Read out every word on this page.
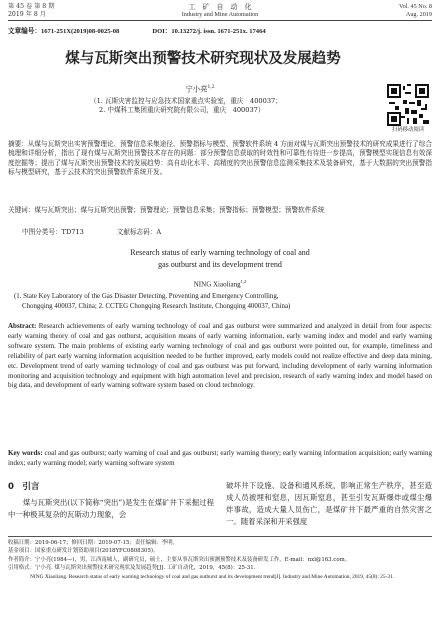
第 45 卷 第 8 期
2019 年 8 月
工　矿　自　动　化
Industry and Mine Automation
Vol. 45 No. 8
Aug. 2019
文章编号：1671-251X(2019)08-0025-08　　　　　DOI：10.13272/j. issn. 1671-251x. 17464
煤与瓦斯突出预警技术研究现状及发展趋势
宁小亮$^{1,2}$
（1. 瓦斯灾害监控与应急技术国家重点实验室，重庆　400037；
2. 中煤科工集团重庆研究院有限公司，重庆　400037）
扫码移动阅读
摘要：从煤与瓦斯突出实害预警理论、预警信息采集途径、预警指标与模型、预警软件系统 4 方面对煤与瓦斯突出预警技术的研究成果进行了综合梳理和详细分析，指出了现有煤与瓦斯突出预警技术存在的问题：部分预警信息获取的时效性和可靠性有待进一步提高，预警模型实现信息有效深度挖掘等；提出了煤与瓦斯突出预警技术的发展趋势：高自动化水平、高精度的突出预警信息监测采集技术及装备研究，基于大数据的突出预警指标与模型研究，基于云技术的突出预警软件系统开发。
关键词：煤与瓦斯突出；煤与瓦斯突出预警；预警理论；预警信息采集；预警指标；预警模型；预警软件系统
中图分类号：TD713　　　　　文献标志码：A
Research status of early warning technology of coal and
gas outburst and its development trend
NING Xiaoliang$^{1,2}$
(1. State Key Laboratory of the Gas Disaster Detecting, Preventing and Emergency Controlling,
Chongqing 400037, China; 2. CCTEG Chongqing Research Institute, Chongqing 400037, China)
Abstract: Research achievements of early warning technology of coal and gas outburst were summarized and analyzed in detail from four aspects: early warning theory of coal and gas outburst, acquisition means of early warning information, early warning index and model and early warning software system. The main problems of existing early warning technology of coal and gas outburst were pointed out, for example, timeliness and reliability of part early warning information acquisition needed to be further improved, early models could not realize effective and deep data mining, etc. Development trend of early warning technology of coal and gas outburst was put forward, including development of early warning information monitoring and acquisition technology and equipment with high automation level and precision, research of early warning index and model based on big data, and development of early warning software system based on cloud technology.
Key words: coal and gas outburst; early warning of coal and gas outburst; early warning theory; early warning information acquisition; early warning index; early warning model; early warning software system
0　引言
　　煤与瓦斯突出(以下简称“突出”)是发生在煤矿井下采掘过程中一种极其复杂的瓦斯动力现象，会
破坏井下设施、设备和通风系统，影响正常生产秩序，甚至造成人员被埋和窒息，因瓦斯窒息，甚至引发瓦斯爆炸或煤尘爆炸事故，造成大量人员伤亡，是煤矿井下最严重的自然灾害之一。随着采深和开采强度
收稿日期：2019-06-17；修回日期：2019-07-15；责任编辑：李明。
基金项目：国家重点研发计划资助项目(2018YFC0808305)。
作者简介：宁小亮(1984—)，男，江西南城人，副研究员，硕士，主要从事瓦斯突出预测预警技术及装备研发工作，E-mail：nxl@163.com。
引用格式：宁小亮. 煤与瓦斯突出预警技术研究现状及发展趋势[J]. 工矿自动化，2019，45(8)：25-31.
NING Xiaoliang. Research status of early warning technology of coal and gas outburst and its development trend[J]. Industry and Mine Automation, 2019, 45(8): 25-31.
